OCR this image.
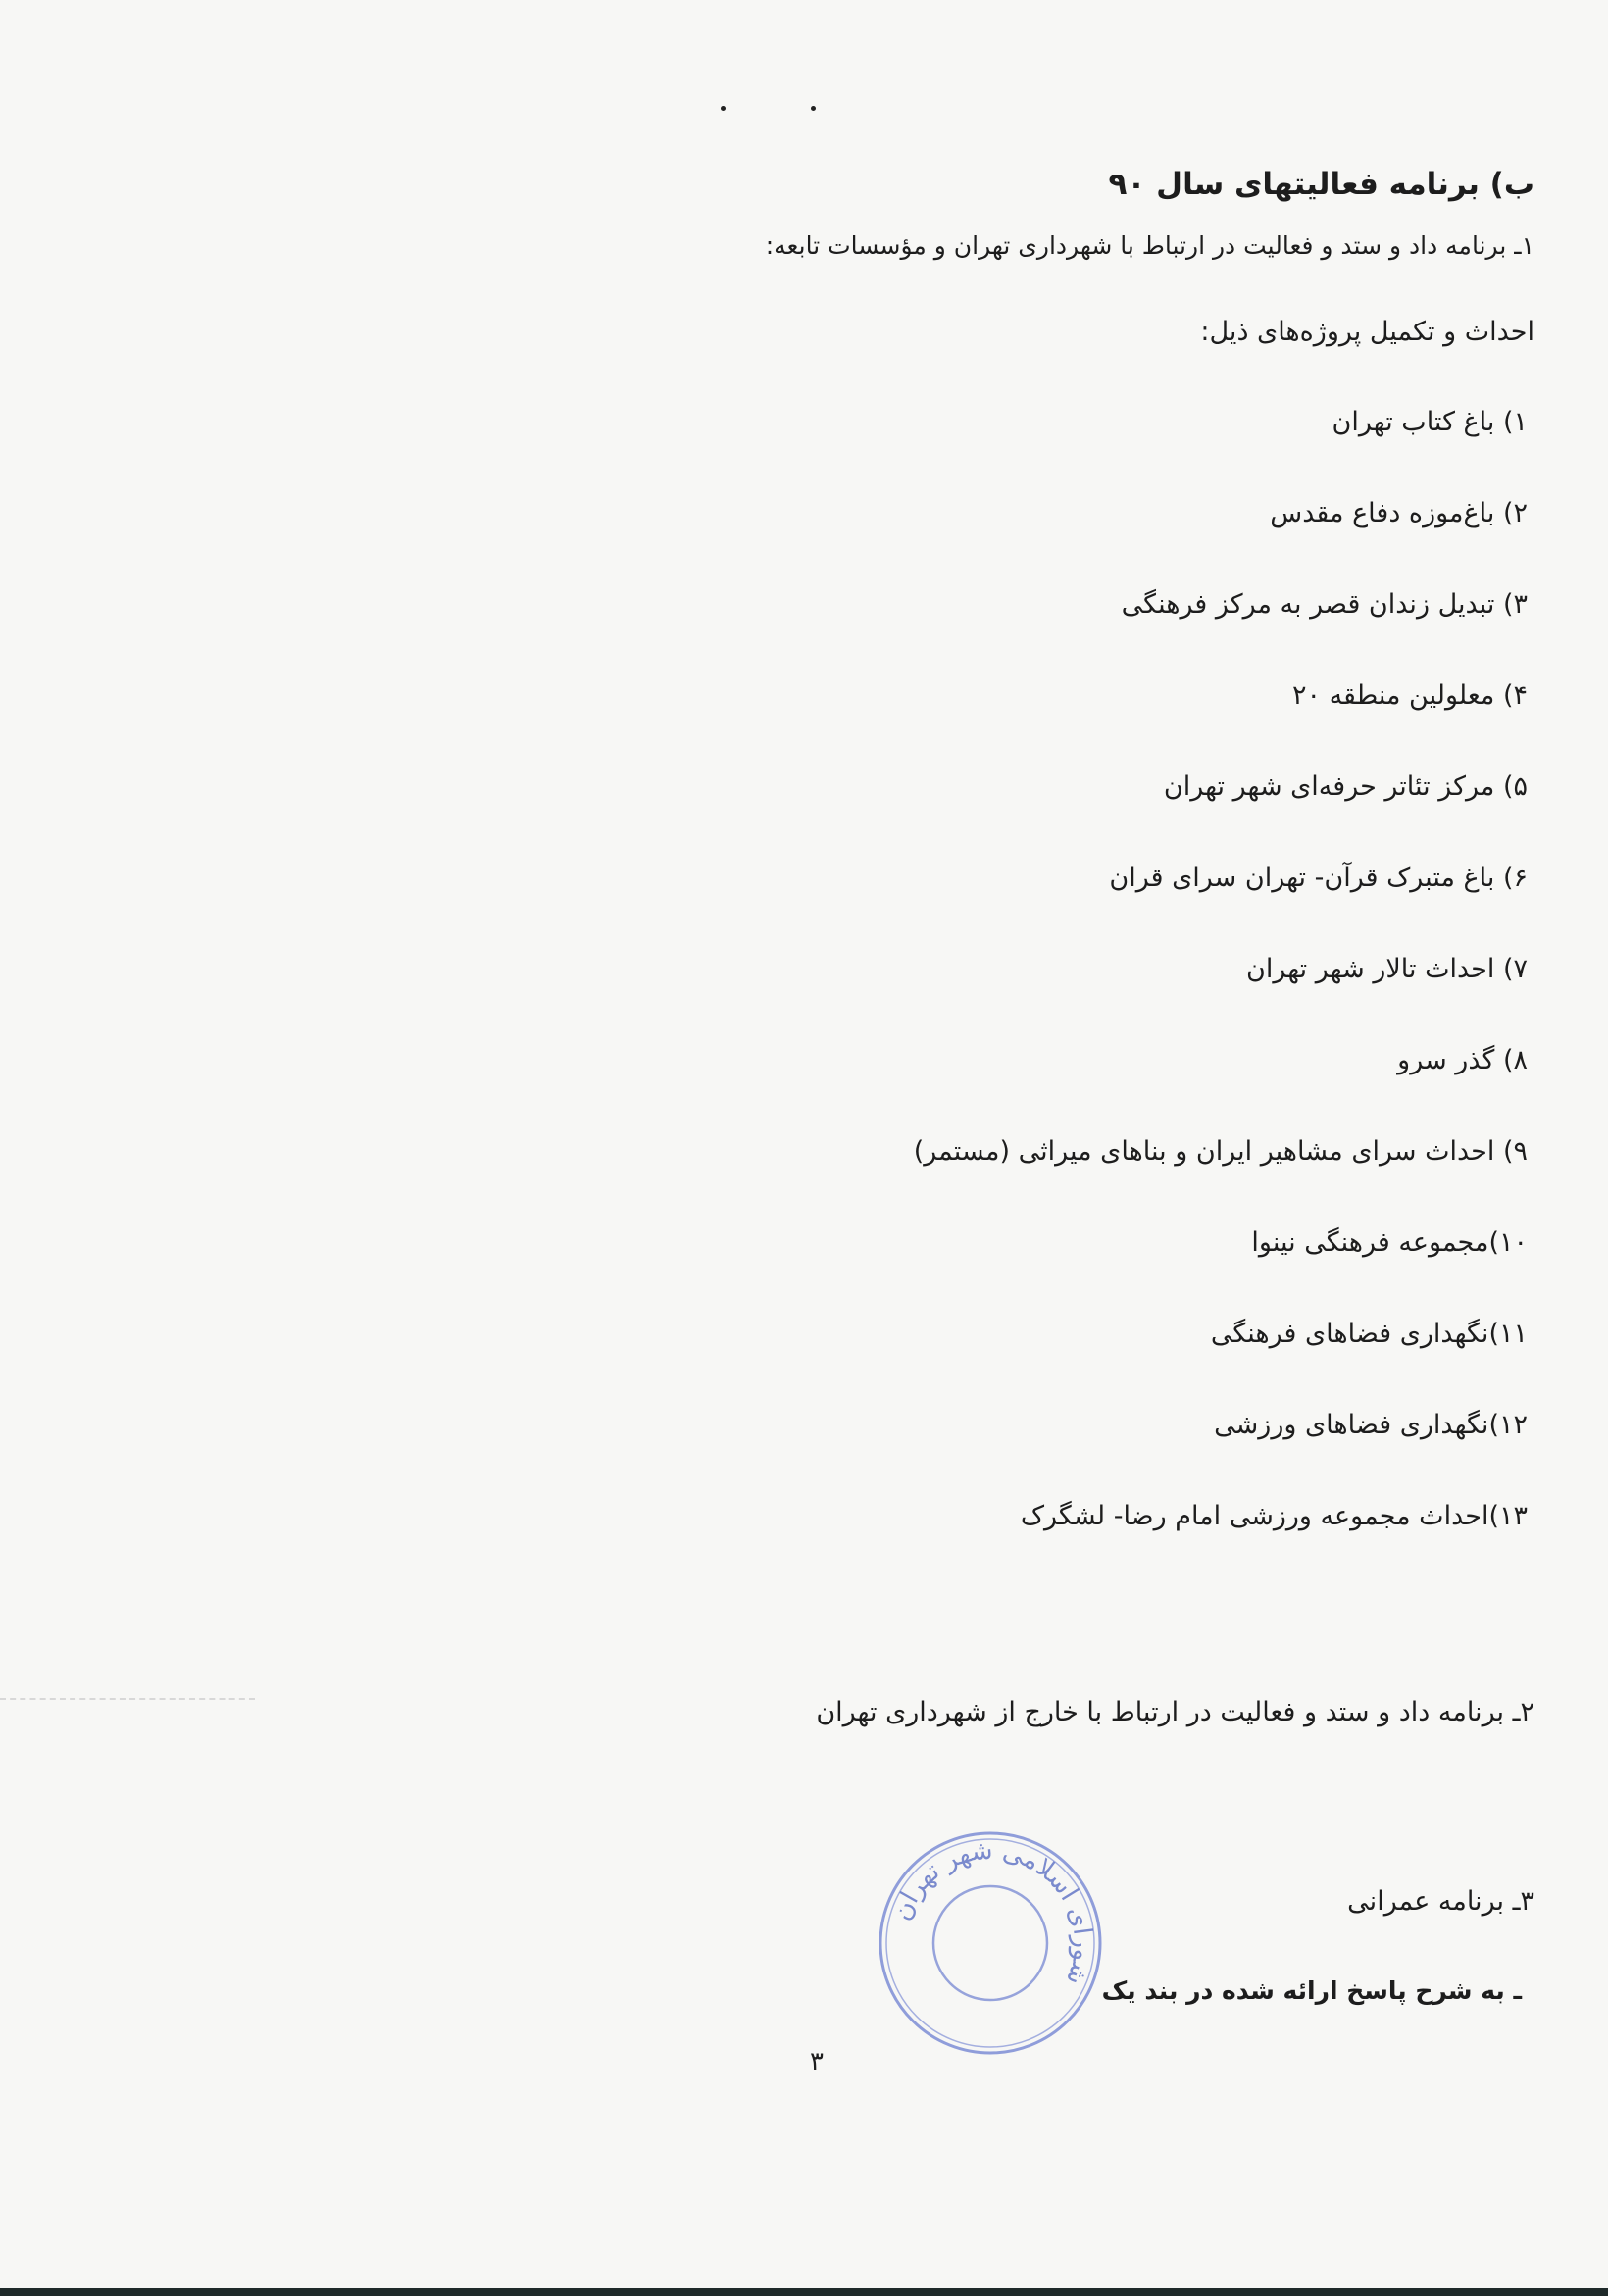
ب) برنامه فعالیتهای سال ۹۰
۱ـ برنامه داد و ستد و فعالیت در ارتباط با شهرداری تهران و مؤسسات تابعه:
احداث و تکمیل پروژه‌های ذیل:
۱) باغ کتاب تهران
۲) باغ‌موزه دفاع مقدس
۳) تبدیل زندان قصر به مرکز فرهنگی
۴) معلولین منطقه ۲۰
۵) مرکز تئاتر حرفه‌ای شهر تهران
۶) باغ متبرک قرآن- تهران سرای قران
۷) احداث تالار شهر تهران
۸) گذر سرو
۹) احداث سرای مشاهیر ایران و بناهای میراثی (مستمر)
۱۰)مجموعه فرهنگی نینوا
۱۱)نگهداری فضاهای فرهنگی
۱۲)نگهداری فضاهای ورزشی
۱۳)احداث مجموعه ورزشی امام رضا- لشگرک
۲ـ برنامه داد و ستد و فعالیت در ارتباط با خارج از شهرداری تهران
۳ـ برنامه عمرانی
ـ به شرح پاسخ ارائه شده در بند یک
شورای اسلامی شهر تهران
۳
